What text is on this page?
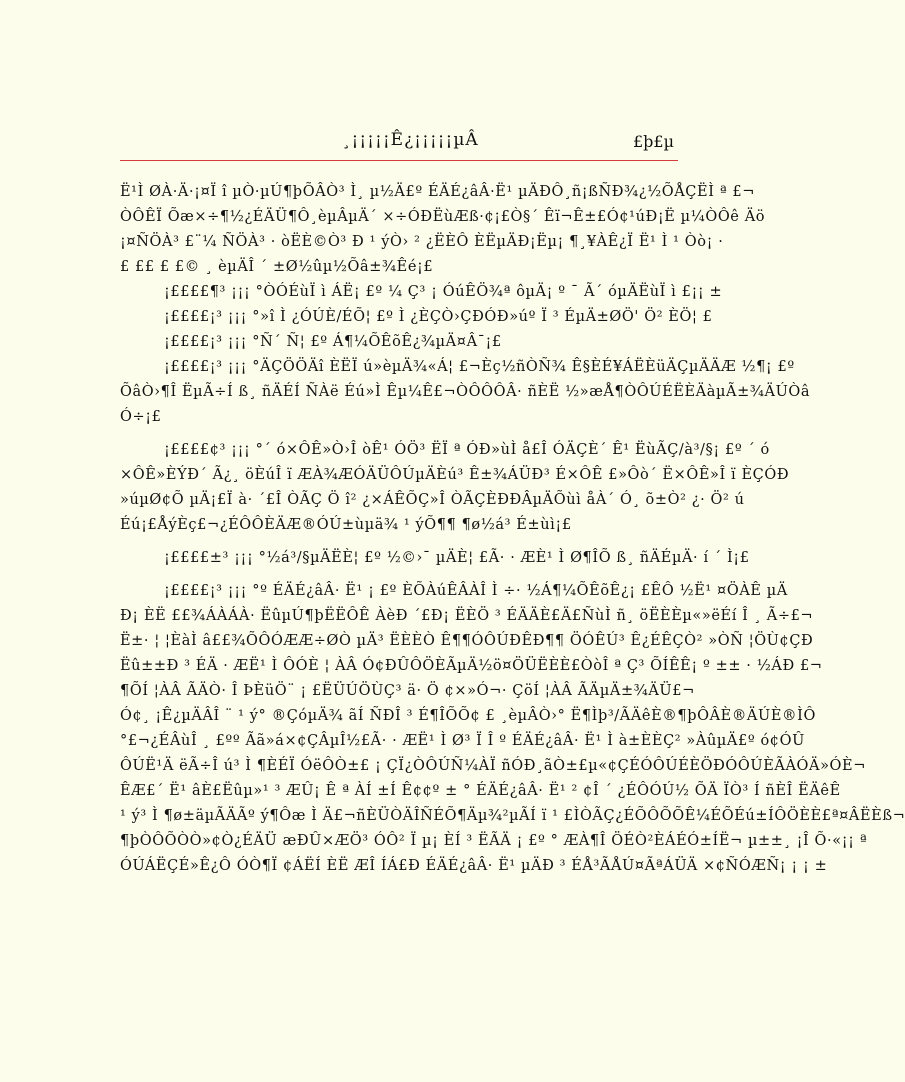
¸¡¡¡¡¡Ê¿¡¡¡¡¡µÂ	£þ£µ
Ë¹Ì ØÀ·Ä·¡¤Ï î µÒ·µÚ¶þÕÂÒ³ Ì¸ µ½Ä£º ÉÄÉ¿âÂ·Ë¹ µÄÐÔ¸ñ¡ßÑÐ¾¿½ÕÅÇËÌ ª £¬
ÒÔÊÏ Õæ×÷¶½¿ÉÄÜ¶Ô¸èµÂµÄ´ ×÷ÓÐËùÆß·¢¡£Ò§´ Êï¬Ê±£Ó¢¹úÐ¡Ë µ¼ÒÔê Äö
¡¤ÑÖÀ³ £¨¼ ÑÖÀ³ · òËÈ©Ò³ Ð ¹ ýÒ› ² ¿ËÈÔ ÈËµÄÐ¡Ëµ¡ ¶¸¥ÀÊ¿Ï Ë¹ Ì ¹ Òò¡ ·
£ ££ £ £© ¸ èµÄÎ ´ ±Ø½ûµ½Õâ±¾Êé¡£
¡££££¶³ ¡¡¡ °ÒÓÉùÏ ì ÁË¡ £º ¼ Ç³ ¡ ÓúÊÖ¾ª ôµÄ¡ º ¯ Ã´ óµÄËùÏ ì £¡¡ ±
¡££££¡³ ¡¡¡ °»î Ì ¿ÓÚÈ/ÉÕ¦ £º Ì ¿ÈÇÒ›ÇÐÓÐ»úº Ï ³ ÉµÄ±ØÖ' Ö² ÈÖ¦ £
¡££££¡³ ¡¡¡ °Ñ´ Ñ¦ £º Á¶¼ÕÊõÊ¿¾µÄ¤Â¯¡£
¡££££¡³ ¡¡¡ °ÄÇÖÖÄî ÈËÏ ú»èµÄ¾«Á¦ £¬Èç½ñÒÑ¾ Ê§ÈÉ¥ÁËÈüÄÇµÄÄÆ ½¶¡ £º
ÕâÒ›¶Î ËµÃ÷Í ß¸ ñÄÉÍ ÑÀë Éú»Ì Êµ¼Ê£¬ÒÔÔÔÂ· ñÈË ½»æÅ¶ÒÔÚÉËÈÄàµÃ±¾ÄÚÒâ
Ó÷¡£
¡££££¢³ ¡¡¡ °´ ó×ÔÊ»Ò›Î òÊ¹ ÓÖ³ ËÏ ª ÓÐ»ùÌ å£Î ÓÄÇÈ´ Ê¹ ËùÃÇ/à³/§¡ £º ´ ó
×ÔÊ»ÈÝÐ´ Ã¿¸ öÈúÎ ï ÆÀ¾ÆÓÄÜÔÚµÄÈú³ Ê±¾ÁÜÐ³ É×ÔÊ £»Ôò´ Ë×ÔÊ»Î ï ÈÇÓÐ
»úµØ¢Õ µÄ¡£Ï à· ´£Î ÒÃÇ Ö î² ¿×ÁÊÕÇ»Î ÒÃÇÈÐÐÂµÄÕùì åÀ´ Ó¸ õ±Ò² ¿· Ö² ú
Éú¡£ÅýÈç£¬¿ÉÔÔÈÄÆ®ÓÚ±ùµä¾ ¹ ýÕ¶¶ ¶ø½á³ É±ùì¡£
¡££££±³ ¡¡¡ °½á³/§µÄËÈ¦ £º ½©›¯ µÄÈ¦ £Ã· · ÆÈ¹ Ì Ø¶ÎÕ ß¸ ñÄÉµÄ· í ´ Ì¡£
¡££££¡³ ¡¡¡ °º ÉÄÉ¿âÂ· Ë¹ ¡ £º ÈÕÀúÊÂÀÎ Ì ÷· ½Á¶¼ÕÊõÊ¿¡ £ÊÔ ½Ë¹ ¤ÖÀÊ µÄ
Ð¡ ÈË ££¾ÁÀÁÀ· ËûµÚ¶þËËÔÊ ÀèÐ ´£Ð¡ ËÈÖ ³ ÉÄÄÈ£Ä£ÑùÌ ñ¸ öËÈÈµ«»ëÉí Î ¸ Ã÷£¬
Ë±· ¦ ¦ÈàÌ â££¾ÕÔÓÆÆ÷ØÒ µÄ³ ËÈÈÒ Ê¶¶ÓÔÚÐÊÐ¶¶ ÖÓÊÚ³ Ê¿ÉÊÇÒ² »ÒÑ ¦ÖÙ¢ÇÐ
Ëû±±Ð ³ ÉÄ · ÆË¹ Ì ÔÓÈ ¦ ÀÂ Ó¢ÐÛÔÖÈÃµÄ½ö¤ÖÜËÈÈ£ÒòÎ ª Ç³ ÕÍÊÊ¡ º ±± · ½ÁÐ £¬
¶ÕÍ ¦ÀÂ ÃÄÒ· Î ÞÈüÖ¨ ¡ £ËÜÚÖÙÇ³ ä· Ö ¢×»Ó¬· ÇöÍ ¦ÀÂ ÃÄµÄ±¾ÄÜ£¬
Ó¢¸ ¡Ê¿µÄÂÎ ¨ ¹ ý° ®ÇóµÄ¾ ãÍ ÑÐÎ ³ É¶ÎÕÕ¢ £ ¸èµÂÒ›° Ë¶Ìþ³/ÃÄêÈ®¶þÔÂÈ®ÄÚÈ®ÌÔ
°£¬¿ÉÂùÎ ¸ £ºº Ãã»á×¢ÇÂµÎ½£Ã· · ÆË¹ Ì Ø³ Ï Î º ÉÄÉ¿âÂ· Ë¹ Ì à±ÈÈÇ² »ÀûµÄ£º ó¢ÓÛ
ÔÚË¹Ä ëÃ÷Î ú³ Ì ¶ÈÉÏ ÓëÔÒ±£ ¡ ÇÏ¿ÒÔÚÑ¼ÀÏ ñÓÐ¸ãÒ±£µ«¢ÇÉÓÔÚÉÈÖÐÓÔÚÈÃÀÓÄ»ÓÈ¬
ÊÆ£´ Ë¹ âÈ£Ëûµ»¹ ³ ÆÛ¡ Ê ª ÀÍ ±Í Ê¢¢º ± ° ÉÄÉ¿âÂ· Ë¹ ² ¢Î ´ ¿ÉÔÓÚ½ ÕÄ ÏÒ³ Í ñÈÎ ËÄêÊ
¹ ý³ Ì ¶ø±äµÃÄÃº ý¶Ôæ Ì Ä£¬ñÈÜÒÄÎÑÉÕ¶Äµ¾²µÃÍ ï ¹ £ÌÒÃÇ¿ÉÕÔÕÕÊ¼ÉÕÉú±ÍÔÖÈÈ£ª¤ÂËÈß¬
¶þÒÔÕÒÒ»¢Ò¿ÉÄÜ æÐÛ×ÆÖ³ ÓÔ² Ï µ¡ ÈÍ ³ ËÃÄ ¡ £º ° ÆÀ¶Î ÖÉÒ²ÈÁÉÓ±ÍË¬ µ±±¸ ¡Î Õ·«¡¡ ª
ÓÚÁËÇÉ»Ê¿Ô ÓÒ¶Ï ¢ÁËÍ ÈË ÆÎ ÍÁ£Ð ÉÄÉ¿âÂ· Ë¹ µÄÐ ³ ÉÅ³ÃÅÚ¤ÃªÁÜÄ ×¢ÑÓÆÑ¡ ¡ ¡ ±
